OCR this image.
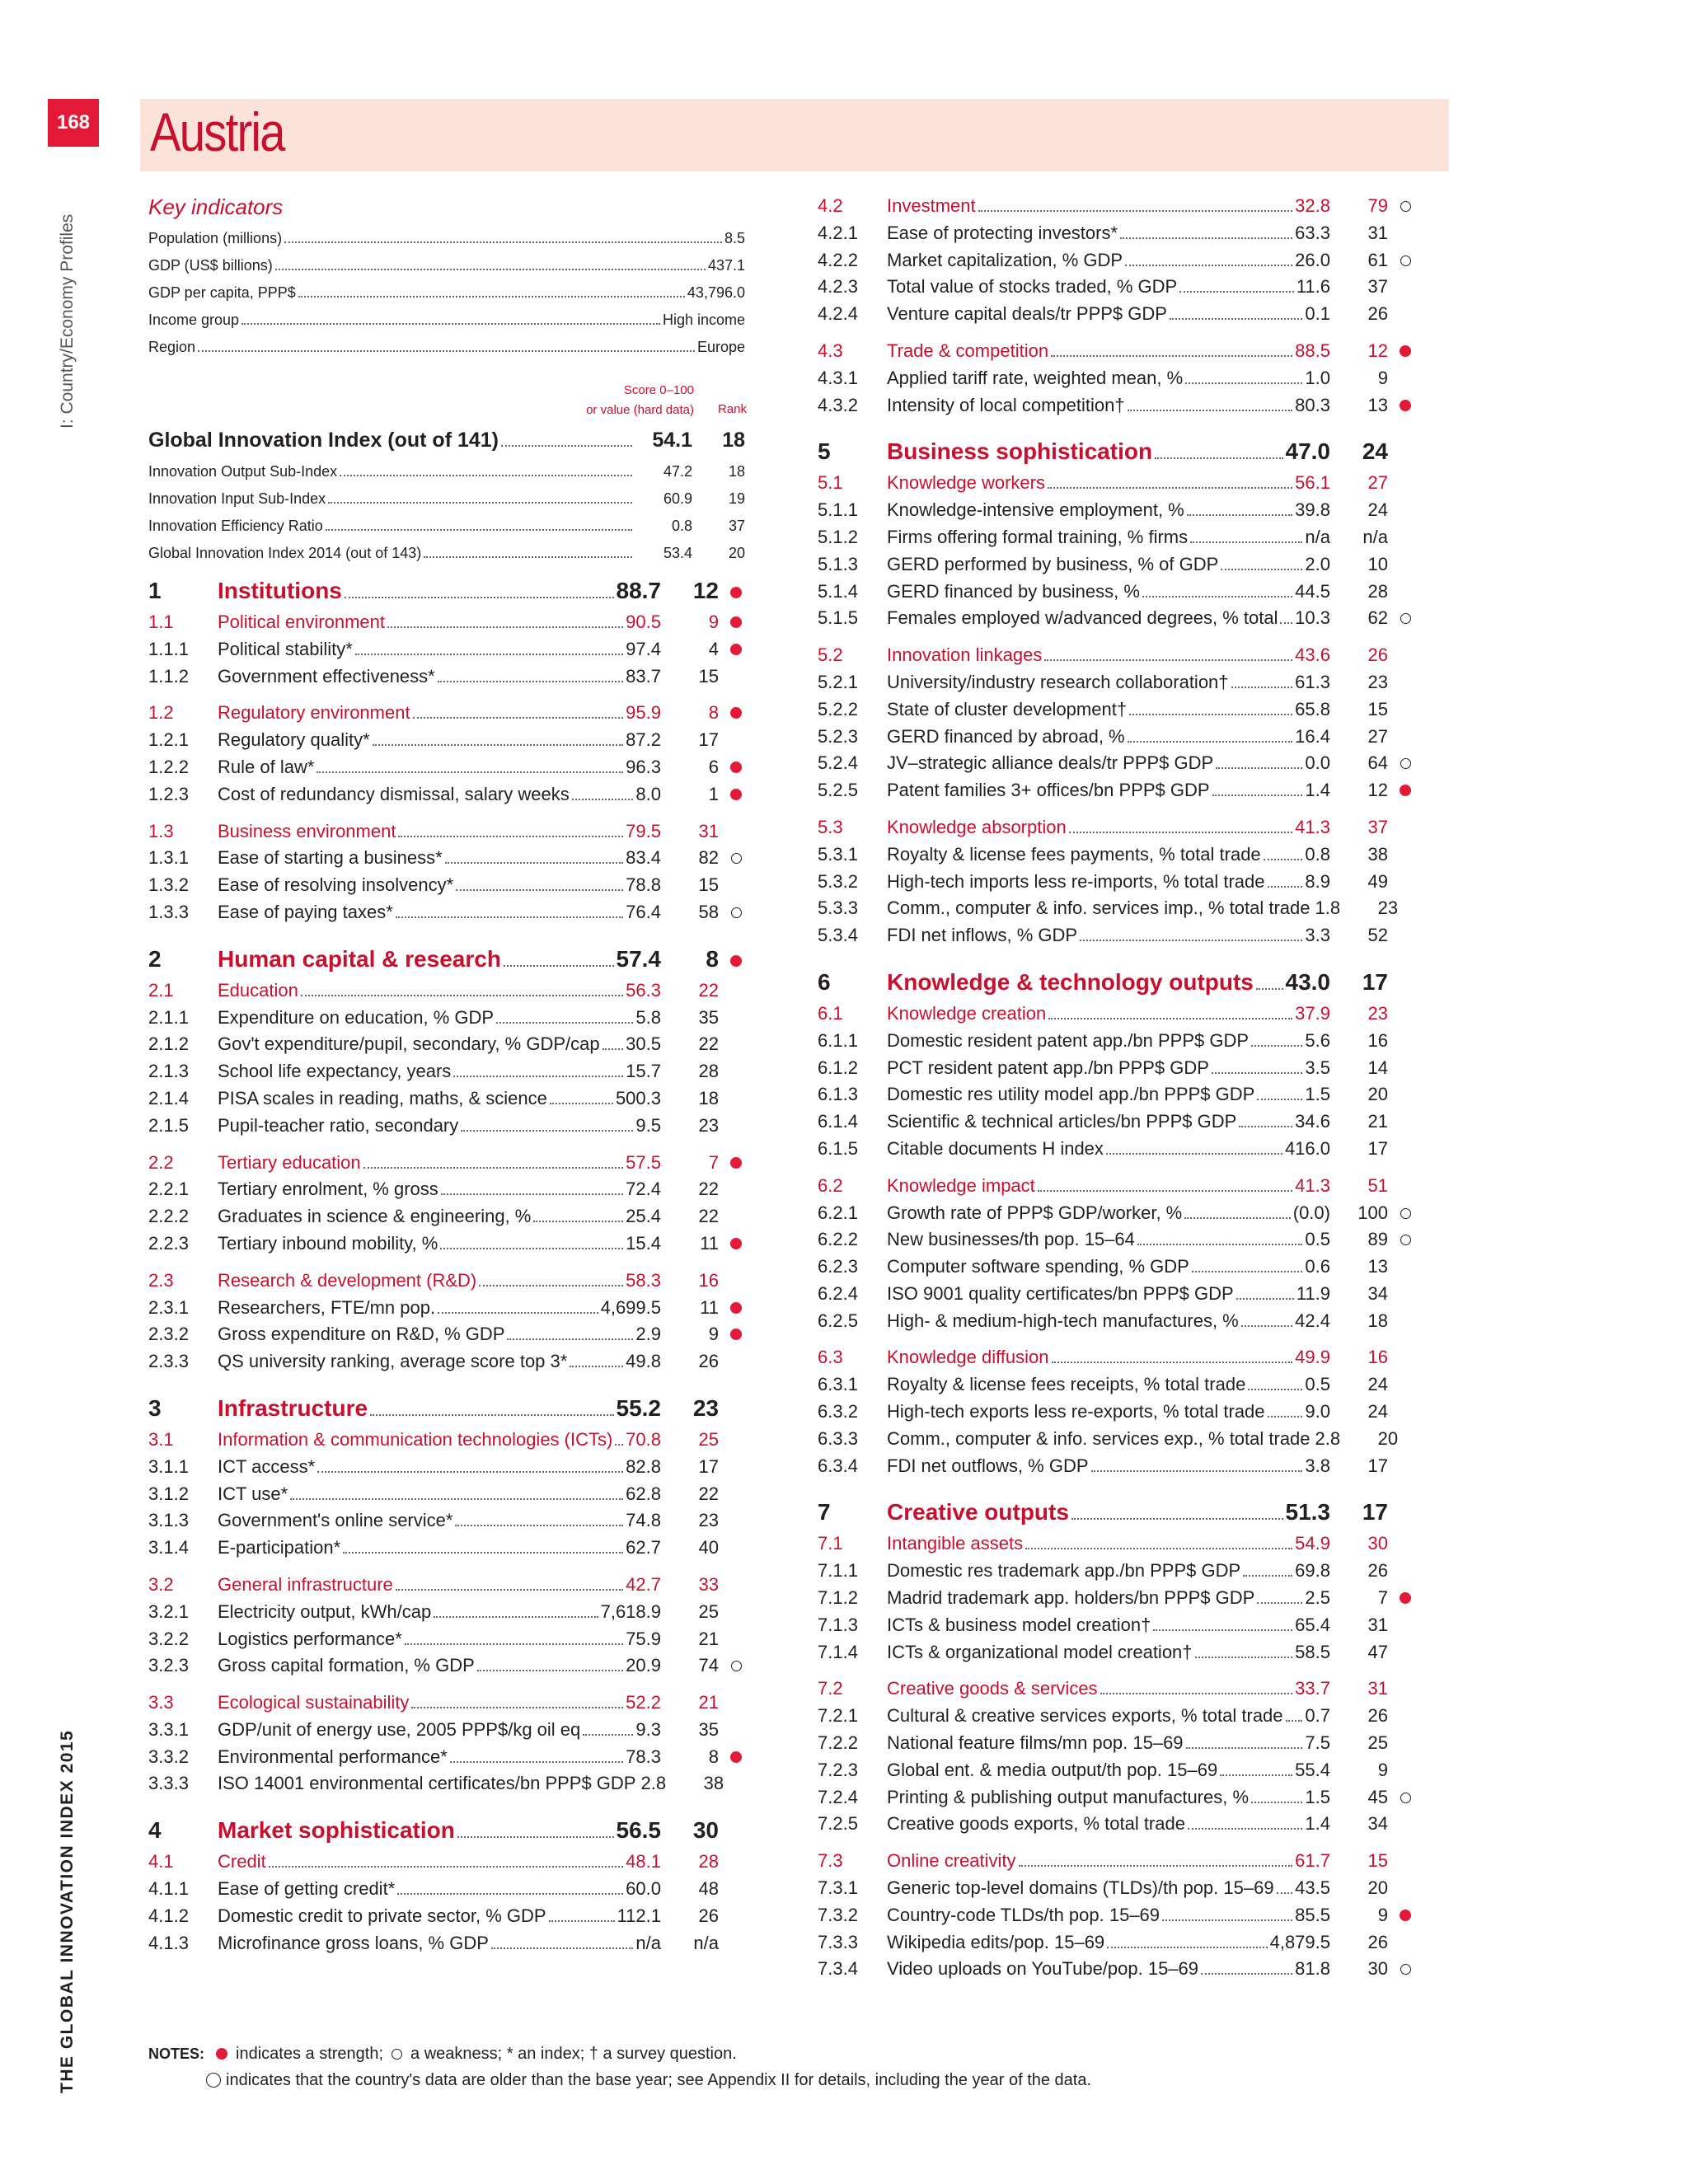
168 Austria
I: Country/Economy Profiles
THE GLOBAL INNOVATION INDEX 2015
Key indicators
Population (millions)	8.5
GDP (US$ billions)	437.1
GDP per capita, PPP$	43,796.0
Income group	High income
Region	Europe
Score 0–100
or value (hard data) Rank
Global Innovation Index (out of 141)	54.1	18
Innovation Output Sub-Index	47.2	18
Innovation Input Sub-Index	60.9	19
Innovation Efficiency Ratio	0.8	37
Global Innovation Index 2014 (out of 143)	53.4	20
1	Institutions	88.7	12
1.1	Political environment	90.5	9
1.1.1	Political stability*	97.4	4
1.1.2	Government effectiveness*	83.7	15
1.2	Regulatory environment	95.9	8
1.2.1	Regulatory quality*	87.2	17
1.2.2	Rule of law*	96.3	6
1.2.3	Cost of redundancy dismissal, salary weeks	8.0	1
1.3	Business environment	79.5	31
1.3.1	Ease of starting a business*	83.4	82
1.3.2	Ease of resolving insolvency*	78.8	15
1.3.3	Ease of paying taxes*	76.4	58
2	Human capital & research	57.4	8
2.1	Education	56.3	22
2.1.1	Expenditure on education, % GDP	5.8	35
2.1.2	Gov't expenditure/pupil, secondary, % GDP/cap 30.5	22
2.1.3	School life expectancy, years	15.7	28
2.1.4	PISA scales in reading, maths, & science	500.3	18
2.1.5	Pupil-teacher ratio, secondary	9.5	23
2.2	Tertiary education	57.5	7
2.2.1	Tertiary enrolment, % gross	72.4	22
2.2.2	Graduates in science & engineering, %	25.4	22
2.2.3	Tertiary inbound mobility, %	15.4	11
2.3	Research & development (R&D)	58.3	16
2.3.1	Researchers, FTE/mn pop.	4,699.5	11
2.3.2	Gross expenditure on R&D, % GDP	2.9	9
2.3.3	QS university ranking, average score top 3*	49.8	26
3	Infrastructure	55.2	23
3.1	Information & communication technologies (ICTs) 70.8	25
3.1.1	ICT access*	82.8	17
3.1.2	ICT use*	62.8	22
3.1.3	Government's online service*	74.8	23
3.1.4	E-participation*	62.7	40
3.2	General infrastructure	42.7	33
3.2.1	Electricity output, kWh/cap	7,618.9	25
3.2.2	Logistics performance*	75.9	21
3.2.3	Gross capital formation, % GDP	20.9	74
3.3	Ecological sustainability	52.2	21
3.3.1	GDP/unit of energy use, 2005 PPP$/kg oil eq	9.3	35
3.3.2	Environmental performance*	78.3	8
3.3.3	ISO 14001 environmental certificates/bn PPP$ GDP 2.8	38
4	Market sophistication	56.5	30
4.1	Credit	48.1	28
4.1.1	Ease of getting credit*	60.0	48
4.1.2	Domestic credit to private sector, % GDP	112.1	26
4.1.3	Microfinance gross loans, % GDP	n/a	n/a
4.2	Investment	32.8	79
4.2.1	Ease of protecting investors*	63.3	31
4.2.2	Market capitalization, % GDP	26.0	61
4.2.3	Total value of stocks traded, % GDP	11.6	37
4.2.4	Venture capital deals/tr PPP$ GDP	0.1	26
4.3	Trade & competition	88.5	12
4.3.1	Applied tariff rate, weighted mean, %	1.0	9
4.3.2	Intensity of local competition†	80.3	13
5	Business sophistication	47.0	24
5.1	Knowledge workers	56.1	27
5.1.1	Knowledge-intensive employment, %	39.8	24
5.1.2	Firms offering formal training, % firms	n/a	n/a
5.1.3	GERD performed by business, % of GDP	2.0	10
5.1.4	GERD financed by business, %	44.5	28
5.1.5	Females employed w/advanced degrees, % total 10.3	62
5.2	Innovation linkages	43.6	26
5.2.1	University/industry research collaboration†	61.3	23
5.2.2	State of cluster development†	65.8	15
5.2.3	GERD financed by abroad, %	16.4	27
5.2.4	JV–strategic alliance deals/tr PPP$ GDP	0.0	64
5.2.5	Patent families 3+ offices/bn PPP$ GDP	1.4	12
5.3	Knowledge absorption	41.3	37
5.3.1	Royalty & license fees payments, % total trade 0.8	38
5.3.2	High-tech imports less re-imports, % total trade 8.9	49
5.3.3	Comm., computer & info. services imp., % total trade 1.8	23
5.3.4	FDI net inflows, % GDP	3.3	52
6	Knowledge & technology outputs 43.0	17
6.1	Knowledge creation	37.9	23
6.1.1	Domestic resident patent app./bn PPP$ GDP	5.6	16
6.1.2	PCT resident patent app./bn PPP$ GDP	3.5	14
6.1.3	Domestic res utility model app./bn PPP$ GDP	1.5	20
6.1.4	Scientific & technical articles/bn PPP$ GDP	34.6	21
6.1.5	Citable documents H index	416.0	17
6.2	Knowledge impact	41.3	51
6.2.1	Growth rate of PPP$ GDP/worker, %	(0.0)	100
6.2.2	New businesses/th pop. 15–64	0.5	89
6.2.3	Computer software spending, % GDP	0.6	13
6.2.4	ISO 9001 quality certificates/bn PPP$ GDP	11.9	34
6.2.5	High- & medium-high-tech manufactures, %	42.4	18
6.3	Knowledge diffusion	49.9	16
6.3.1	Royalty & license fees receipts, % total trade	0.5	24
6.3.2	High-tech exports less re-exports, % total trade 9.0	24
6.3.3	Comm., computer & info. services exp., % total trade 2.8	20
6.3.4	FDI net outflows, % GDP	3.8	17
7	Creative outputs	51.3	17
7.1	Intangible assets	54.9	30
7.1.1	Domestic res trademark app./bn PPP$ GDP	69.8	26
7.1.2	Madrid trademark app. holders/bn PPP$ GDP	2.5	7
7.1.3	ICTs & business model creation†	65.4	31
7.1.4	ICTs & organizational model creation†	58.5	47
7.2	Creative goods & services	33.7	31
7.2.1	Cultural & creative services exports, % total trade 0.7	26
7.2.2	National feature films/mn pop. 15–69	7.5	25
7.2.3	Global ent. & media output/th pop. 15–69	55.4	9
7.2.4	Printing & publishing output manufactures, %	1.5	45
7.2.5	Creative goods exports, % total trade	1.4	34
7.3	Online creativity	61.7	15
7.3.1	Generic top-level domains (TLDs)/th pop. 15–69 43.5	20
7.3.2	Country-code TLDs/th pop. 15–69	85.5	9
7.3.3	Wikipedia edits/pop. 15–69	4,879.5	26
7.3.4	Video uploads on YouTube/pop. 15–69	81.8	30
NOTES: indicates a strength; a weakness; * an index; † a survey question.
indicates that the country's data are older than the base year; see Appendix II for details, including the year of the data.
